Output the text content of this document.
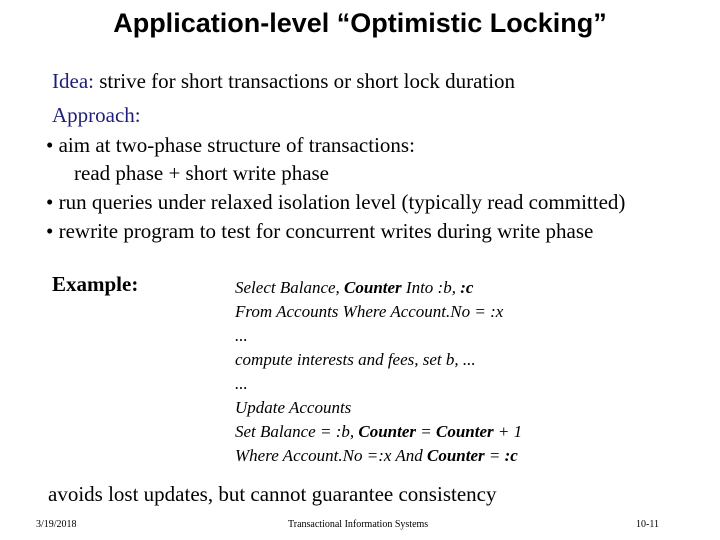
Application-level “Optimistic Locking”
Idea: strive for short transactions or short lock duration
Approach:
• aim at two-phase structure of transactions:
read phase + short write phase
• run queries under relaxed isolation level (typically read committed)
• rewrite program to test for concurrent writes during write phase
Example:	Select Balance, Counter Into :b, :c
From Accounts Where Account.No = :x
...
compute interests and fees, set b, ...
...
Update Accounts
Set Balance = :b, Counter = Counter + 1
Where Account.No =:x And Counter = :c
avoids lost updates, but cannot guarantee consistency
3/19/2018	Transactional Information Systems	10-11
